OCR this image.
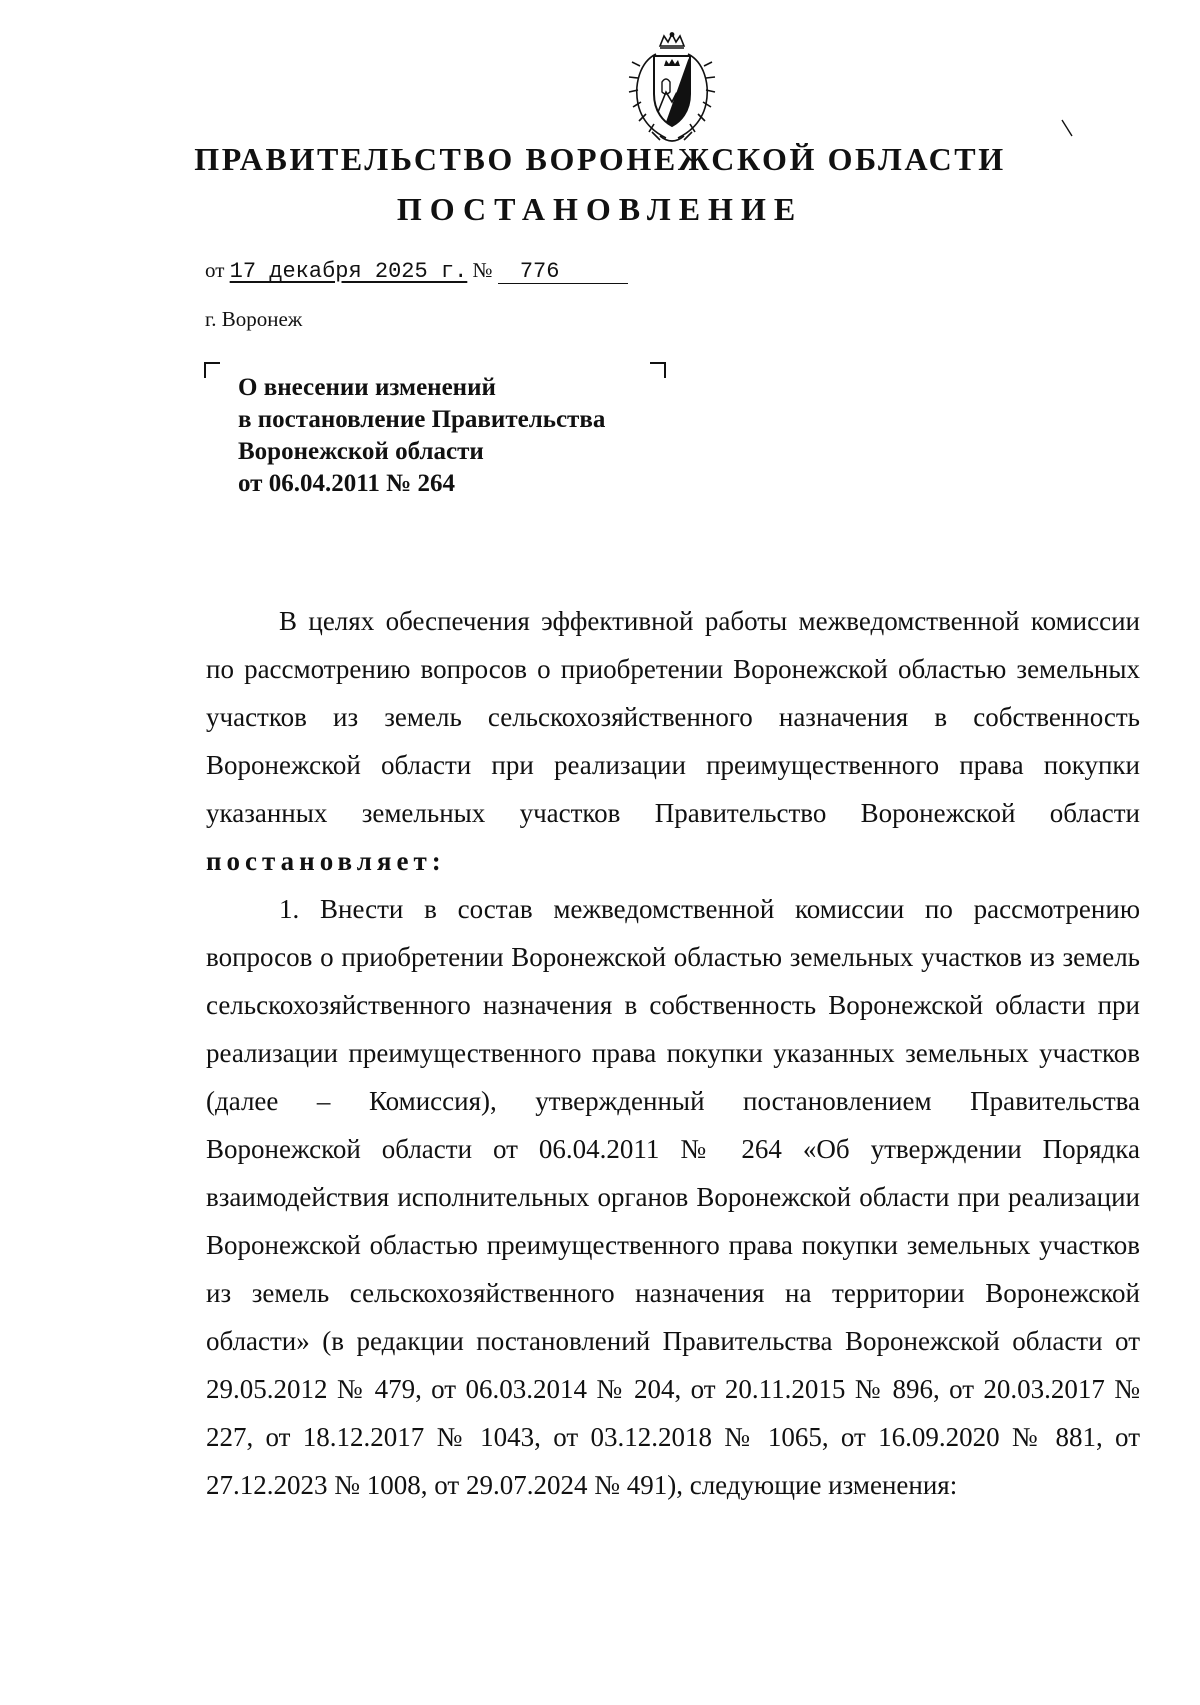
ПРАВИТЕЛЬСТВО ВОРОНЕЖСКОЙ ОБЛАСТИ
ПОСТАНОВЛЕНИЕ
от 17 декабря 2025 г. № 776
г. Воронеж
О внесении изменений
в постановление Правительства
Воронежской области
от 06.04.2011 № 264

В целях обеспечения эффективной работы межведомственной комиссии по рассмотрению вопросов о приобретении Воронежской областью земельных участков из земель сельскохозяйственного назначения в собственность Воронежской области при реализации преимущественного права покупки указанных земельных участков Правительство Воронежской области постановляет:

1. Внести в состав межведомственной комиссии по рассмотрению вопросов о приобретении Воронежской областью земельных участков из земель сельскохозяйственного назначения в собственность Воронежской области при реализации преимущественного права покупки указанных земельных участков (далее – Комиссия), утвержденный постановлением Правительства Воронежской области от 06.04.2011 № 264 «Об утверждении Порядка взаимодействия исполнительных органов Воронежской области при реализации Воронежской областью преимущественного права покупки земельных участков из земель сельскохозяйственного назначения на территории Воронежской области» (в редакции постановлений Правительства Воронежской области от 29.05.2012 № 479, от 06.03.2014 № 204, от 20.11.2015 № 896, от 20.03.2017 № 227, от 18.12.2017 № 1043, от 03.12.2018 № 1065, от 16.09.2020 № 881, от 27.12.2023 № 1008, от 29.07.2024 № 491), следующие изменения:
